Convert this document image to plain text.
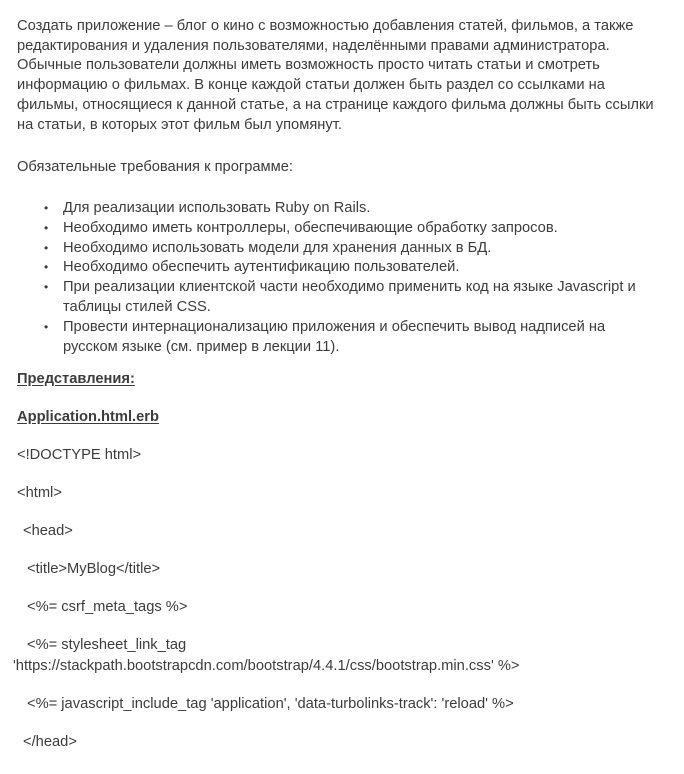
Создать приложение – блог о кино с возможностью добавления статей, фильмов, а также редактирования и удаления пользователями, наделёнными правами администратора. Обычные пользователи должны иметь возможность просто читать статьи и смотреть информацию о фильмах. В конце каждой статьи должен быть раздел со ссылками на фильмы, относящиеся к данной статье, а на странице каждого фильма должны быть ссылки на статьи, в которых этот фильм был упомянут.

Обязательные требования к программе:

• Для реализации использовать Ruby on Rails.
• Необходимо иметь контроллеры, обеспечивающие обработку запросов.
• Необходимо использовать модели для хранения данных в БД.
• Необходимо обеспечить аутентификацию пользователей.
• При реализации клиентской части необходимо применить код на языке Javascript и таблицы стилей CSS.
• Провести интернационализацию приложения и обеспечить вывод надписей на русском языке (см. пример в лекции 11).

Представления:

Application.html.erb

<!DOCTYPE html>
<html>
<head>
<title>MyBlog</title>
<%= csrf_meta_tags %>
<%= stylesheet_link_tag
'https://stackpath.bootstrapcdn.com/bootstrap/4.4.1/css/bootstrap.min.css' %>
<%= javascript_include_tag 'application', 'data-turbolinks-track': 'reload' %>
</head>
